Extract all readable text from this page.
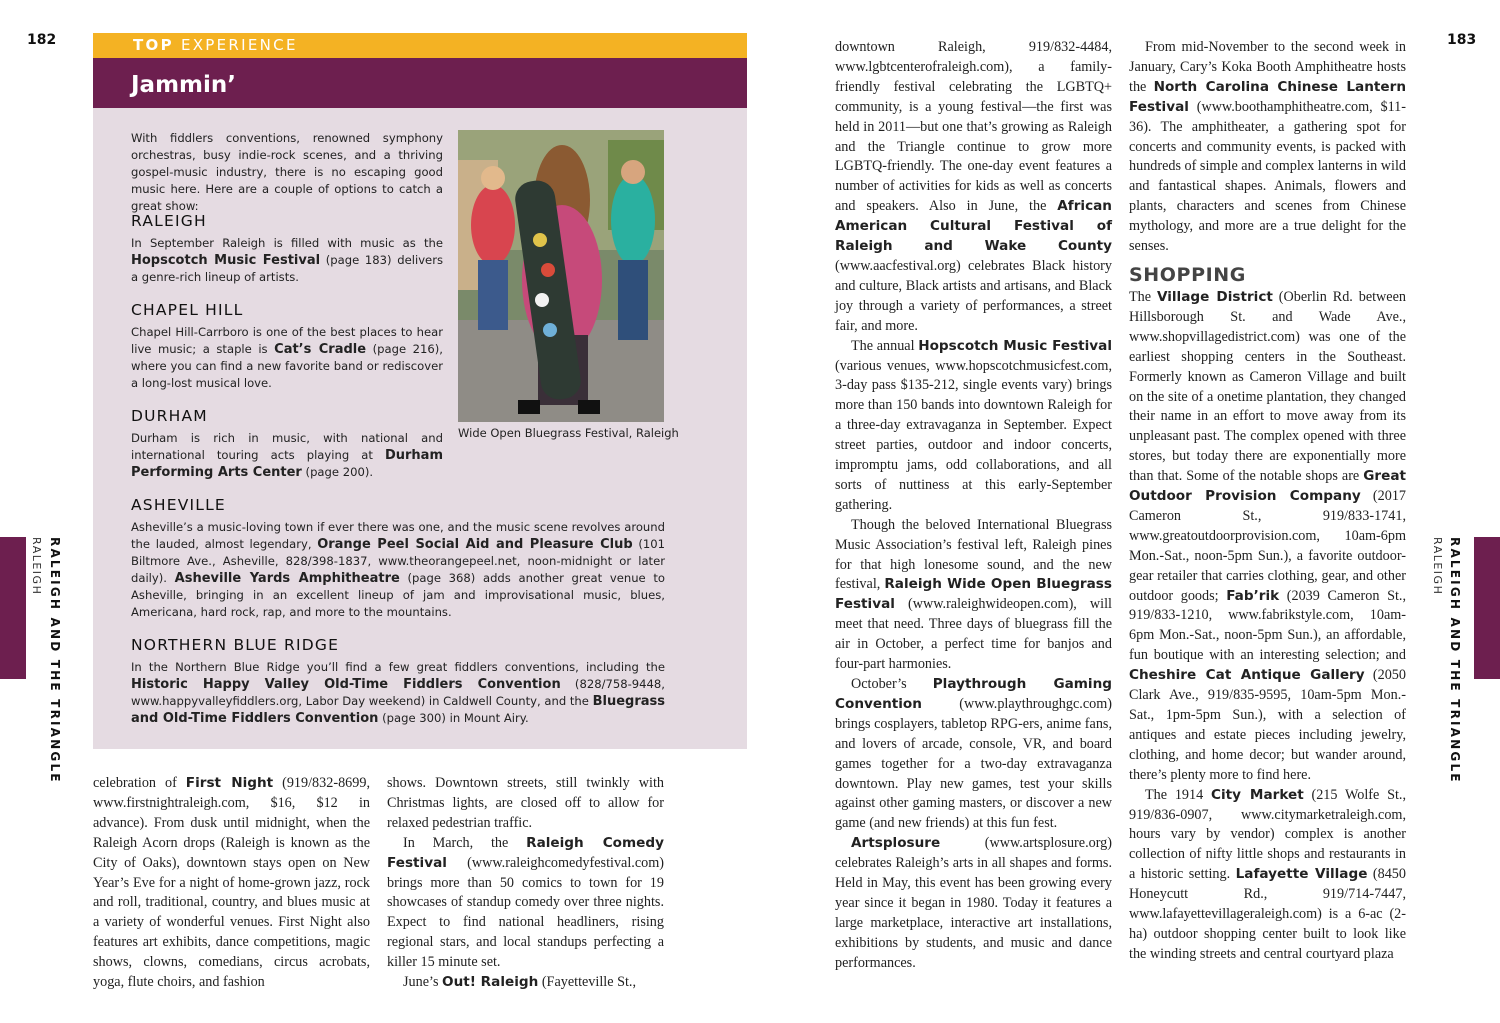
182	183
RALEIGH AND THE TRIANGLE
RALEIGH	RALEIGH AND THE TRIANGLE
RALEIGH
TOP EXPERIENCE
Jammin’

With fiddlers conventions, renowned symphony orchestras, busy indie-rock scenes, and a thriving gospel-music industry, there is no escaping good music here. Here are a couple of options to catch a great show:

RALEIGH

In September Raleigh is filled with music as the Hopscotch Music Festival (page 183) delivers a genre-rich lineup of artists.

CHAPEL HILL

Chapel Hill-Carrboro is one of the best places to hear live music; a staple is Cat’s Cradle (page 216), where you can find a new favorite band or rediscover a long-lost musical love.

DURHAM

Durham is rich in music, with national and international touring acts playing at Durham Performing Arts Center (page 200).

ASHEVILLE

Asheville’s a music-loving town if ever there was one, and the music scene revolves around the lauded, almost legendary, Orange Peel Social Aid and Pleasure Club (101 Biltmore Ave., Asheville, 828/398-1837, www.theorangepeel.net, noon-midnight or later daily). Asheville Yards Amphitheatre (page 368) adds another great venue to Asheville, bringing in an excellent lineup of jam and improvisational music, blues, Americana, hard rock, rap, and more to the mountains.

NORTHERN BLUE RIDGE

In the Northern Blue Ridge you’ll find a few great fiddlers conventions, including the Historic Happy Valley Old-Time Fiddlers Convention (828/758-9448, www.happyvalleyfiddlers.org, Labor Day weekend) in Caldwell County, and the Bluegrass and Old-Time Fiddlers Convention (page 300) in Mount Airy.

Wide Open Bluegrass Festival, Raleigh

celebration of First Night (919/832-8699, www.firstnightraleigh.com, $16, $12 in advance). From dusk until midnight, when the Raleigh Acorn drops (Raleigh is known as the City of Oaks), downtown stays open on New Year’s Eve for a night of home-grown jazz, rock and roll, traditional, country, and blues music at a variety of wonderful venues. First Night also features art exhibits, dance competitions, magic shows, clowns, comedians, circus acrobats, yoga, flute choirs, and fashion

shows. Downtown streets, still twinkly with Christmas lights, are closed off to allow for relaxed pedestrian traffic.

In March, the Raleigh Comedy Festival (www.raleighcomedyfestival.com) brings more than 50 comics to town for 19 showcases of standup comedy over three nights. Expect to find national headliners, rising regional stars, and local standups perfecting a killer 15 minute set.

June’s Out! Raleigh (Fayetteville St.,

downtown Raleigh, 919/832-4484, www.lgbtcenterofraleigh.com), a family-friendly festival celebrating the LGBTQ+ community, is a young festival—the first was held in 2011—but one that’s growing as Raleigh and the Triangle continue to grow more LGBTQ-friendly. The one-day event features a number of activities for kids as well as concerts and speakers. Also in June, the African American Cultural Festival of Raleigh and Wake County (www.aacfestival.org) celebrates Black history and culture, Black artists and artisans, and Black joy through a variety of performances, a street fair, and more.

The annual Hopscotch Music Festival (various venues, www.hopscotchmusicfest.com, 3-day pass $135-212, single events vary) brings more than 150 bands into downtown Raleigh for a three-day extravaganza in September. Expect street parties, outdoor and indoor concerts, impromptu jams, odd collaborations, and all sorts of nuttiness at this early-September gathering.

Though the beloved International Bluegrass Music Association’s festival left, Raleigh pines for that high lonesome sound, and the new festival, Raleigh Wide Open Bluegrass Festival (www.raleighwideopen.com), will meet that need. Three days of bluegrass fill the air in October, a perfect time for banjos and four-part harmonies.

October’s Playthrough Gaming Convention (www.playthroughgc.com) brings cosplayers, tabletop RPG-ers, anime fans, and lovers of arcade, console, VR, and board games together for a two-day extravaganza downtown. Play new games, test your skills against other gaming masters, or discover a new game (and new friends) at this fun fest.

Artsplosure (www.artsplosure.org) celebrates Raleigh’s arts in all shapes and forms. Held in May, this event has been growing every year since it began in 1980. Today it features a large marketplace, interactive art installations, exhibitions by students, and music and dance performances.

From mid-November to the second week in January, Cary’s Koka Booth Amphitheatre hosts the North Carolina Chinese Lantern Festival (www.boothamphitheatre.com, $11-36). The amphitheater, a gathering spot for concerts and community events, is packed with hundreds of simple and complex lanterns in wild and fantastical shapes. Animals, flowers and plants, characters and scenes from Chinese mythology, and more are a true delight for the senses.

SHOPPING

The Village District (Oberlin Rd. between Hillsborough St. and Wade Ave., www.shopvillagedistrict.com) was one of the earliest shopping centers in the Southeast. Formerly known as Cameron Village and built on the site of a onetime plantation, they changed their name in an effort to move away from its unpleasant past. The complex opened with three stores, but today there are exponentially more than that. Some of the notable shops are Great Outdoor Provision Company (2017 Cameron St., 919/833-1741, www.greatoutdoorprovision.com, 10am-6pm Mon.-Sat., noon-5pm Sun.), a favorite outdoor-gear retailer that carries clothing, gear, and other outdoor goods; Fab’rik (2039 Cameron St., 919/833-1210, www.fabrikstyle.com, 10am-6pm Mon.-Sat., noon-5pm Sun.), an affordable, fun boutique with an interesting selection; and Cheshire Cat Antique Gallery (2050 Clark Ave., 919/835-9595, 10am-5pm Mon.-Sat., 1pm-5pm Sun.), with a selection of antiques and estate pieces including jewelry, clothing, and home decor; but wander around, there’s plenty more to find here.

The 1914 City Market (215 Wolfe St., 919/836-0907, www.citymarketraleigh.com, hours vary by vendor) complex is another collection of nifty little shops and restaurants in a historic setting. Lafayette Village (8450 Honeycutt Rd., 919/714-7447, www.lafayettevillageraleigh.com) is a 6-ac (2-ha) outdoor shopping center built to look like the winding streets and central courtyard plaza
